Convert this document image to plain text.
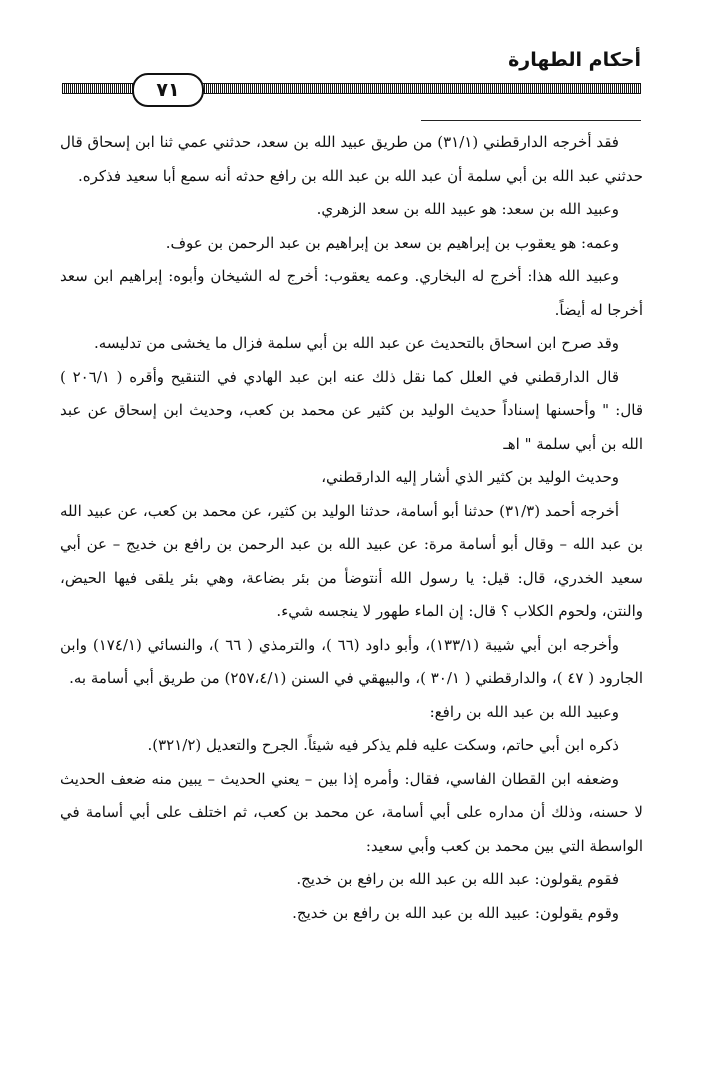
أحكام الطهارة
٧١

فقد أخرجه الدارقطني (٣١/١) من طريق عبيد الله بن سعد، حدثني عمي ثنا ابن إسحاق قال حدثني عبد الله بن أبي سلمة أن عبد الله بن عبد الله بن رافع حدثه أنه سمع أبا سعيد فذكره.

وعبيد الله بن سعد: هو عبيد الله بن سعد الزهري.

وعمه: هو يعقوب بن إبراهيم بن سعد بن إبراهيم بن عبد الرحمن بن عوف.

وعبيد الله هذا: أخرج له البخاري. وعمه يعقوب: أخرج له الشيخان وأبوه: إبراهيم ابن سعد أخرجا له أيضاً.

وقد صرح ابن اسحاق بالتحديث عن عبد الله بن أبي سلمة فزال ما يخشى من تدليسه.

قال الدارقطني في العلل كما نقل ذلك عنه ابن عبد الهادي في التنقيح وأقره ( ٢٠٦/١ ) قال: " وأحسنها إسناداً حديث الوليد بن كثير عن محمد بن كعب، وحديث ابن إسحاق عن عبد الله بن أبي سلمة " اهـ

وحديث الوليد بن كثير الذي أشار إليه الدارقطني،

أخرجه أحمد (٣١/٣) حدثنا أبو أسامة، حدثنا الوليد بن كثير، عن محمد بن كعب، عن عبيد الله بن عبد الله – وقال أبو أسامة مرة: عن عبيد الله بن عبد الرحمن بن رافع بن خديج – عن أبي سعيد الخدري، قال: قيل: يا رسول الله أنتوضأ من بئر بضاعة، وهي بئر يلقى فيها الحيض، والنتن، ولحوم الكلاب ؟ قال: إن الماء طهور لا ينجسه شيء.

وأخرجه ابن أبي شيبة (١٣٣/١)، وأبو داود (٦٦ )، والترمذي ( ٦٦ )، والنسائي (١٧٤/١) وابن الجارود ( ٤٧ )، والدارقطني ( ٣٠/١ )، والبيهقي في السنن (٢٥٧،٤/١) من طريق أبي أسامة به.

وعبيد الله بن عبد الله بن رافع:

ذكره ابن أبي حاتم، وسكت عليه فلم يذكر فيه شيئاً. الجرح والتعديل (٣٢١/٢).

وضعفه ابن القطان الفاسي، فقال: وأمره إذا بين – يعني الحديث – يبين منه ضعف الحديث لا حسنه، وذلك أن مداره على أبي أسامة، عن محمد بن كعب، ثم اختلف على أبي أسامة في الواسطة التي بين محمد بن كعب وأبي سعيد:

فقوم يقولون: عبد الله بن عبد الله بن رافع بن خديج.

وقوم يقولون: عبيد الله بن عبد الله بن رافع بن خديج.
